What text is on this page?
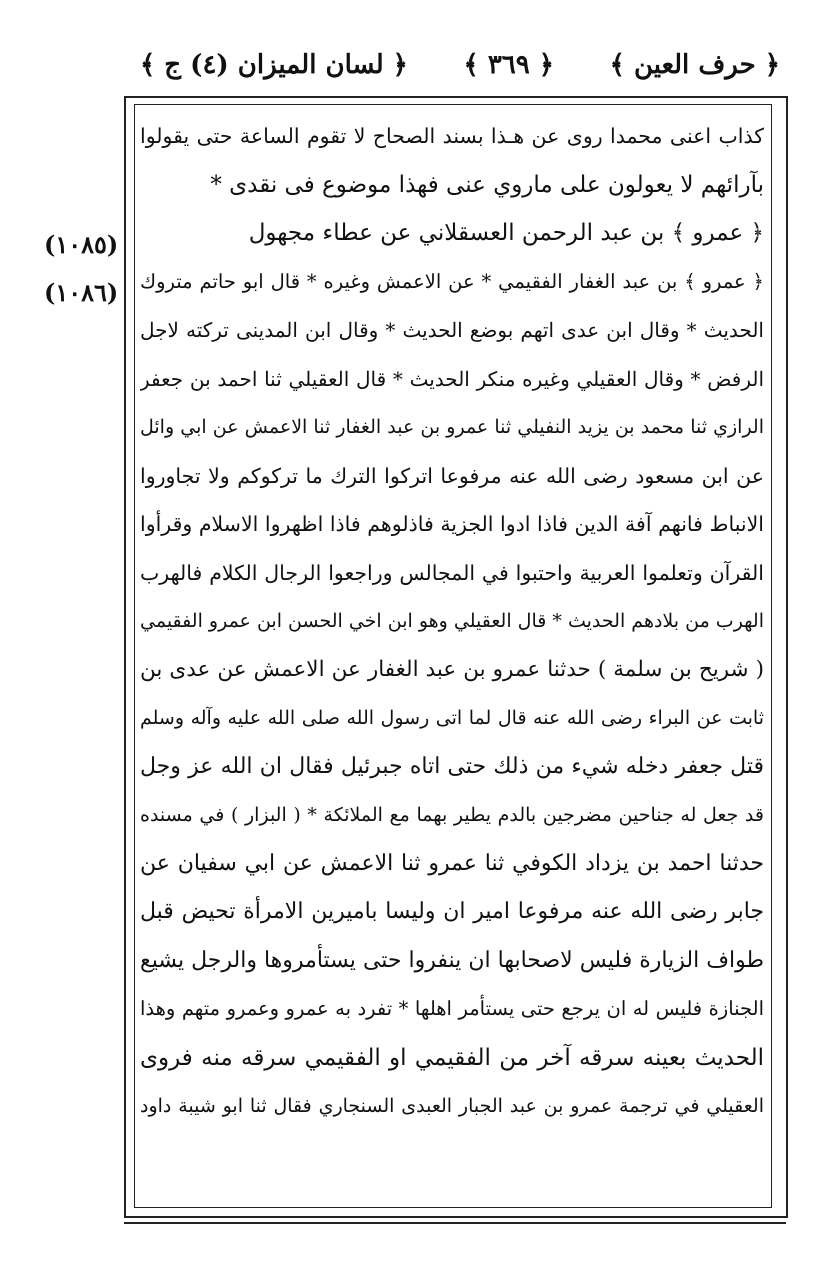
﴿ حرف العين ﴾
﴿ ٣٦٩ ﴾
﴿ لسان الميزان (٤) ج ﴾
(١٠٨٥)
(١٠٨٦)
كذاب اعنى محمدا روى عن هـذا بسند الصحاح لا تقوم الساعة حتى يقولوا
بآرائهم لا يعولون على ماروي عنى فهذا موضوع فى نقدى *
﴿ عمرو ﴾ بن عبد الرحمن العسقلاني عن عطاء مجهول
﴿ عمرو ﴾ بن عبد الغفار الفقيمي * عن الاعمش وغيره * قال ابو حاتم متروك
الحديث * وقال ابن عدى اتهم بوضع الحديث * وقال ابن المدينى تركته لاجل
الرفض * وقال العقيلي وغيره منكر الحديث * قال العقيلي ثنا احمد بن جعفر
الرازي ثنا محمد بن يزيد النفيلي ثنا عمرو بن عبد الغفار ثنا الاعمش عن ابي وائل
عن ابن مسعود رضى الله عنه مرفوعا اتركوا الترك ما تركوكم ولا تجاوروا
الانباط فانهم آفة الدين فاذا ادوا الجزية فاذلوهم فاذا اظهروا الاسلام وقرأوا
القرآن وتعلموا العربية واحتبوا في المجالس وراجعوا الرجال الكلام فالهرب
الهرب من بلادهم الحديث * قال العقيلي وهو ابن اخي الحسن ابن عمرو الفقيمي
( شريح بن سلمة ) حدثنا عمرو بن عبد الغفار عن الاعمش عن عدى بن
ثابت عن البراء رضى الله عنه قال لما اتى رسول الله صلى الله عليه وآله وسلم
قتل جعفر دخله شيء من ذلك حتى اتاه جبرئيل فقال ان الله عز وجل
قد جعل له جناحين مضرجين بالدم يطير بهما مع الملائكة * ( البزار ) في مسنده
حدثنا احمد بن يزداد الكوفي ثنا عمرو ثنا الاعمش عن ابي سفيان عن
جابر رضى الله عنه مرفوعا امير ان وليسا باميرين الامرأة تحيض قبل
طواف الزيارة فليس لاصحابها ان ينفروا حتى يستأمروها والرجل يشيع
الجنازة فليس له ان يرجع حتى يستأمر اهلها * تفرد به عمرو وعمرو متهم وهذا
الحديث بعينه سرقه آخر من الفقيمي او الفقيمي سرقه منه فروى
العقيلي في ترجمة عمرو بن عبد الجبار العبدى السنجاري فقال ثنا ابو شيبة داود
